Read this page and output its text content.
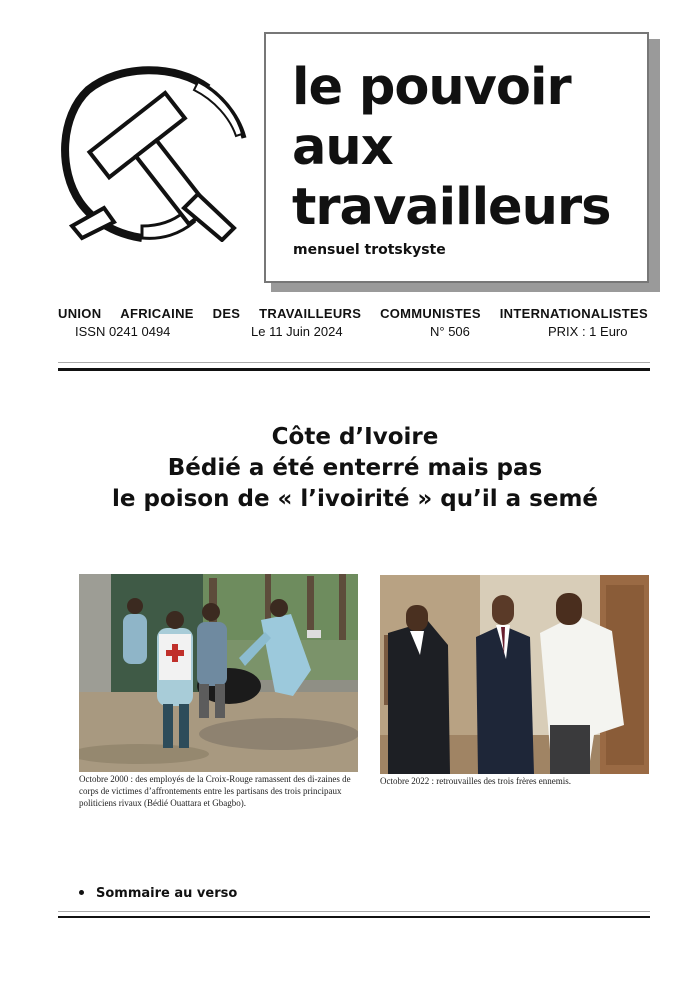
le pouvoir
aux
travailleurs
mensuel trotskyste
UNION AFRICAINE DES TRAVAILLEURS COMMUNISTES INTERNATIONALISTES
ISSN 0241 0494	Le 11 Juin 2024	N° 506	PRIX : 1 Euro
Côte d’Ivoire
Bédié a été enterré mais pas
le poison de « l’ivoirité » qu’il a semé
Octobre 2000 : des employés de la Croix-Rouge ramassent des di-zaines de corps de victimes d’affrontements entre les partisans des trois principaux politiciens rivaux (Bédié Ouattara et Gbagbo).
Octobre 2022 : retrouvailles des trois frères ennemis.
Sommaire au verso
